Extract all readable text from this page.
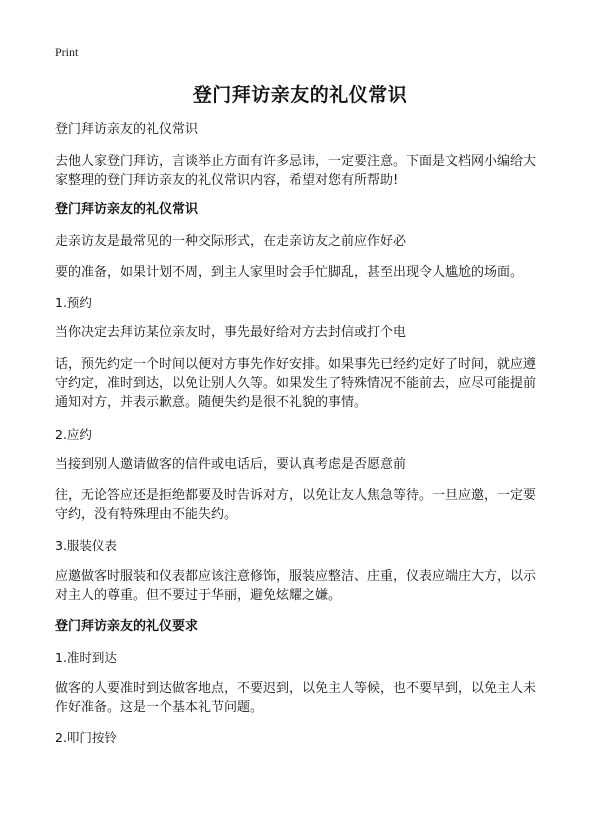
Print
登门拜访亲友的礼仪常识
登门拜访亲友的礼仪常识
去他人家登门拜访，言谈举止方面有许多忌讳，一定要注意。下面是文档网小编给大家整理的登门拜访亲友的礼仪常识内容，希望对您有所帮助!
登门拜访亲友的礼仪常识
走亲访友是最常见的一种交际形式，在走亲访友之前应作好必
要的准备，如果计划不周，到主人家里时会手忙脚乱，甚至出现令人尴尬的场面。
1.预约
当你决定去拜访某位亲友时，事先最好给对方去封信或打个电
话，预先约定一个时间以便对方事先作好安排。如果事先已经约定好了时间，就应遵守约定，准时到达，以免让别人久等。如果发生了特殊情况不能前去，应尽可能提前通知对方，并表示歉意。随便失约是很不礼貌的事情。
2.应约
当接到别人邀请做客的信件或电话后，要认真考虑是否愿意前
往，无论答应还是拒绝都要及时告诉对方，以免让友人焦急等待。一旦应邀，一定要守约，没有特殊理由不能失约。
3.服装仪表
应邀做客时服装和仪表都应该注意修饰，服装应整洁、庄重，仪表应端庄大方，以示对主人的尊重。但不要过于华丽，避免炫耀之嫌。
登门拜访亲友的礼仪要求
1.准时到达
做客的人要准时到达做客地点，不要迟到，以免主人等候，也不要早到，以免主人未作好准备。这是一个基本礼节问题。
2.叩门按铃
